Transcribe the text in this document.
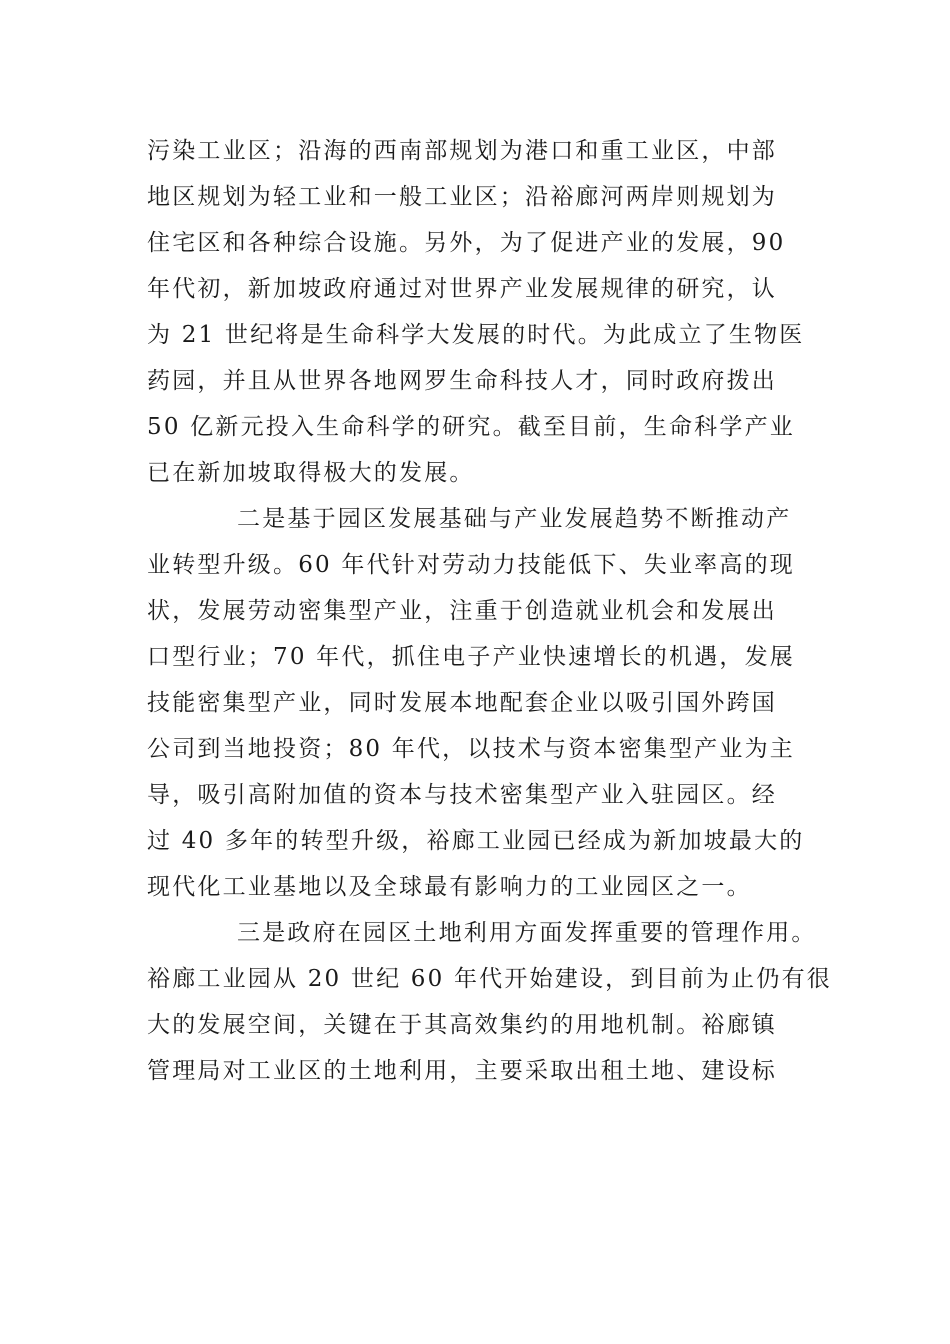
污染工业区；沿海的西南部规划为港口和重工业区，中部
地区规划为轻工业和一般工业区；沿裕廊河两岸则规划为
住宅区和各种综合设施。另外，为了促进产业的发展，90
年代初，新加坡政府通过对世界产业发展规律的研究，认
为 21 世纪将是生命科学大发展的时代。为此成立了生物医
药园，并且从世界各地网罗生命科技人才，同时政府拨出
50 亿新元投入生命科学的研究。截至目前，生命科学产业
已在新加坡取得极大的发展。
二是基于园区发展基础与产业发展趋势不断推动产
业转型升级。60 年代针对劳动力技能低下、失业率高的现
状，发展劳动密集型产业，注重于创造就业机会和发展出
口型行业；70 年代，抓住电子产业快速增长的机遇，发展
技能密集型产业，同时发展本地配套企业以吸引国外跨国
公司到当地投资；80 年代，以技术与资本密集型产业为主
导，吸引高附加值的资本与技术密集型产业入驻园区。经
过 40 多年的转型升级，裕廊工业园已经成为新加坡最大的
现代化工业基地以及全球最有影响力的工业园区之一。
三是政府在园区土地利用方面发挥重要的管理作用。
裕廊工业园从 20 世纪 60 年代开始建设，到目前为止仍有很
大的发展空间，关键在于其高效集约的用地机制。裕廊镇
管理局对工业区的土地利用，主要采取出租土地、建设标
